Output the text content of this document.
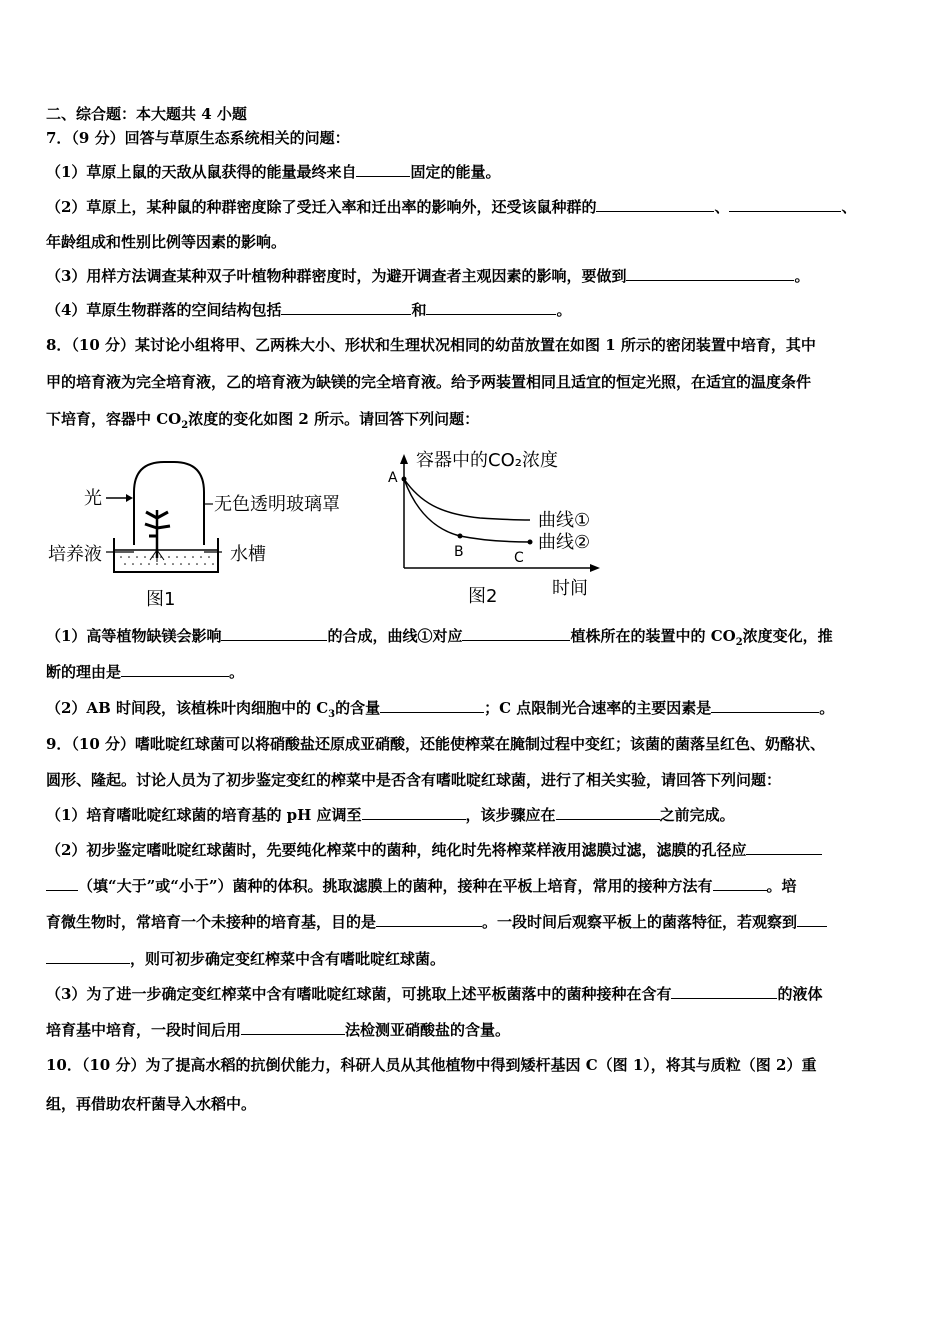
二、综合题：本大题共 4 小题
7．（9 分）回答与草原生态系统相关的问题：
（1）草原上鼠的天敌从鼠获得的能量最终来自	固定的能量。
（2）草原上，某种鼠的种群密度除了受迁入率和迁出率的影响外，还受该鼠种群的	、	、
年龄组成和性别比例等因素的影响。
（3）用样方法调查某种双子叶植物种群密度时，为避开调查者主观因素的影响，要做到	。
（4）草原生物群落的空间结构包括	和	。
8．（10 分）某讨论小组将甲、乙两株大小、形状和生理状况相同的幼苗放置在如图 1 所示的密闭装置中培育，其中
甲的培育液为完全培育液，乙的培育液为缺镁的完全培育液。给予两装置相同且适宜的恒定光照，在适宜的温度条件
下培育，容器中 $CO_2$浓度的变化如图 2 所示。请回答下列问题：
光	无色透明玻璃罩
培养液	水槽
图1
容器中的CO₂浓度
时间
A
B	C
曲线①
曲线②
图2
（1）高等植物缺镁会影响	的合成，曲线①对应	植株所在的装置中的 $CO_2$浓度变化，推
断的理由是	。
（2）AB 时间段，该植株叶肉细胞中的 $C_3$的含量	；C 点限制光合速率的主要因素是	。
9．（10 分）嗜吡啶红球菌可以将硝酸盐还原成亚硝酸，还能使榨菜在腌制过程中变红；该菌的菌落呈红色、奶酪状、
圆形、隆起。讨论人员为了初步鉴定变红的榨菜中是否含有嗜吡啶红球菌，进行了相关实验，请回答下列问题：
（1）培育嗜吡啶红球菌的培育基的 pH 应调至	，该步骤应在	之前完成。
（2）初步鉴定嗜吡啶红球菌时，先要纯化榨菜中的菌种，纯化时先将榨菜样液用滤膜过滤，滤膜的孔径应
（填“大于”或“小于”）菌种的体积。挑取滤膜上的菌种，接种在平板上培育，常用的接种方法有	。培
育微生物时，常培育一个未接种的培育基，目的是	。一段时间后观察平板上的菌落特征，若观察到
，则可初步确定变红榨菜中含有嗜吡啶红球菌。
（3）为了进一步确定变红榨菜中含有嗜吡啶红球菌，可挑取上述平板菌落中的菌种接种在含有	的液体
培育基中培育，一段时间后用	法检测亚硝酸盐的含量。
10．（10 分）为了提高水稻的抗倒伏能力，科研人员从其他植物中得到矮杆基因 C（图 1），将其与质粒（图 2）重
组，再借助农杆菌导入水稻中。
